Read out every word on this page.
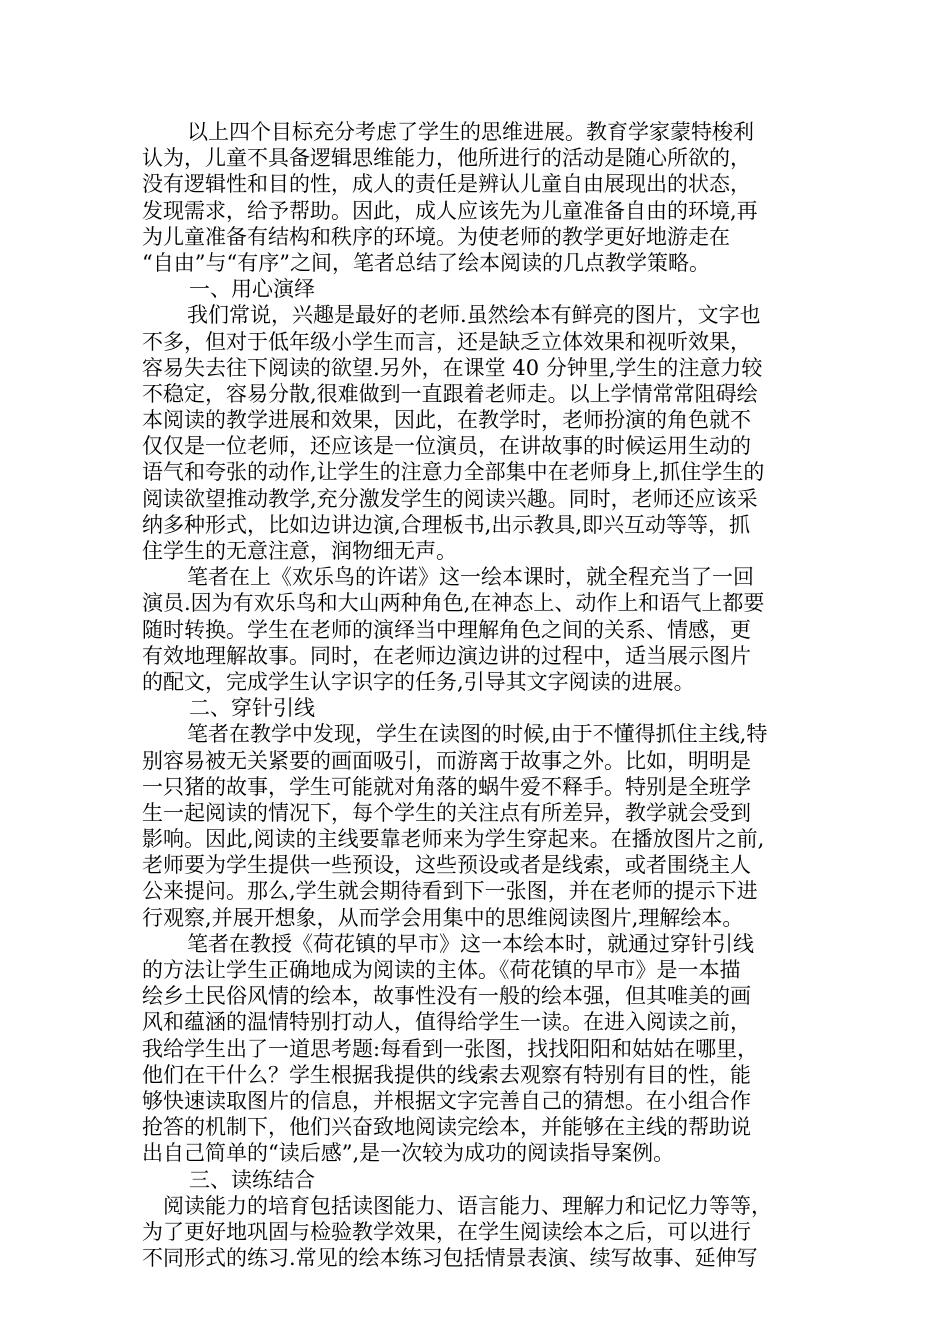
以上四个目标充分考虑了学生的思维进展。教育学家蒙特梭利
认为，儿童不具备逻辑思维能力，他所进行的活动是随心所欲的，
没有逻辑性和目的性，成人的责任是辨认儿童自由展现出的状态，
发现需求，给予帮助。因此，成人应该先为儿童准备自由的环境,再
为儿童准备有结构和秩序的环境。为使老师的教学更好地游走在
“自由”与“有序”之间，笔者总结了绘本阅读的几点教学策略。
一、用心演绎
我们常说，兴趣是最好的老师.虽然绘本有鲜亮的图片，文字也
不多，但对于低年级小学生而言，还是缺乏立体效果和视听效果，
容易失去往下阅读的欲望.另外，在课堂 40 分钟里,学生的注意力较
不稳定，容易分散,很难做到一直跟着老师走。以上学情常常阻碍绘
本阅读的教学进展和效果，因此，在教学时，老师扮演的角色就不
仅仅是一位老师，还应该是一位演员，在讲故事的时候运用生动的
语气和夸张的动作,让学生的注意力全部集中在老师身上,抓住学生的
阅读欲望推动教学,充分激发学生的阅读兴趣。同时，老师还应该采
纳多种形式，比如边讲边演,合理板书,出示教具,即兴互动等等，抓
住学生的无意注意，润物细无声。
笔者在上《欢乐鸟的许诺》这一绘本课时，就全程充当了一回
演员.因为有欢乐鸟和大山两种角色,在神态上、动作上和语气上都要
随时转换。学生在老师的演绎当中理解角色之间的关系、情感，更
有效地理解故事。同时，在老师边演边讲的过程中，适当展示图片
的配文，完成学生认字识字的任务,引导其文字阅读的进展。
二、穿针引线
笔者在教学中发现，学生在读图的时候,由于不懂得抓住主线,特
别容易被无关紧要的画面吸引，而游离于故事之外。比如，明明是
一只猪的故事，学生可能就对角落的蜗牛爱不释手。特别是全班学
生一起阅读的情况下，每个学生的关注点有所差异，教学就会受到
影响。因此,阅读的主线要靠老师来为学生穿起来。在播放图片之前,
老师要为学生提供一些预设，这些预设或者是线索，或者围绕主人
公来提问。那么,学生就会期待看到下一张图，并在老师的提示下进
行观察,并展开想象，从而学会用集中的思维阅读图片,理解绘本。
笔者在教授《荷花镇的早市》这一本绘本时，就通过穿针引线
的方法让学生正确地成为阅读的主体。《荷花镇的早市》是一本描
绘乡土民俗风情的绘本，故事性没有一般的绘本强，但其唯美的画
风和蕴涵的温情特别打动人，值得给学生一读。在进入阅读之前，
我给学生出了一道思考题:每看到一张图，找找阳阳和姑姑在哪里，
他们在干什么？学生根据我提供的线索去观察有特别有目的性，能
够快速读取图片的信息，并根据文字完善自己的猜想。在小组合作
抢答的机制下，他们兴奋致地阅读完绘本，并能够在主线的帮助说
出自己简单的“读后感”,是一次较为成功的阅读指导案例。
三、读练结合
阅读能力的培育包括读图能力、语言能力、理解力和记忆力等等，
为了更好地巩固与检验教学效果，在学生阅读绘本之后，可以进行
不同形式的练习.常见的绘本练习包括情景表演、续写故事、延伸写
